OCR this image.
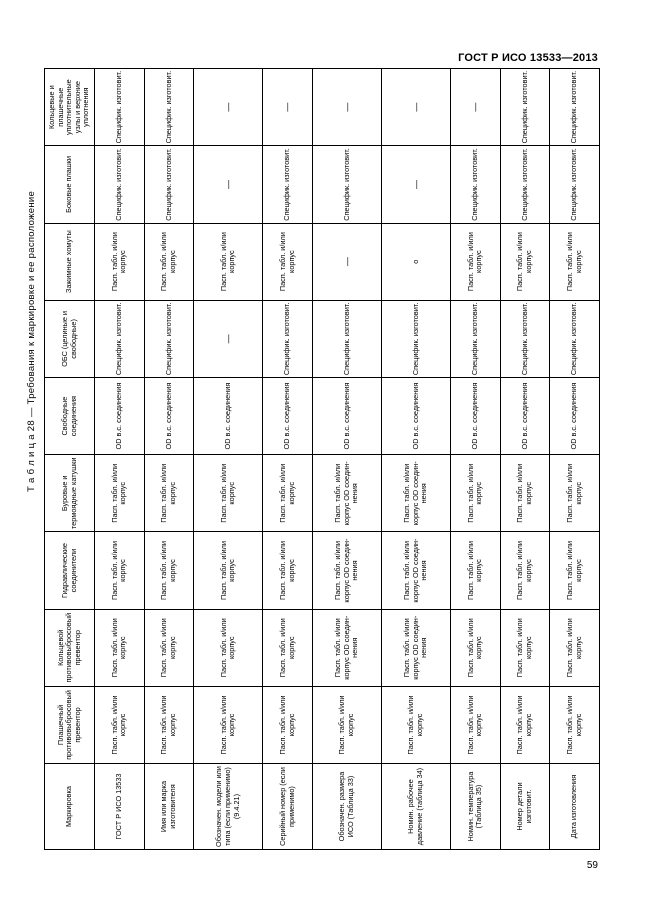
ГОСТ Р ИСО 13533—2013
Т а б л и ц а 28 — Требования к маркировке и ее расположение
Маркировка	Плашечный противовыбросовый превентор	Кольцевой противовыбросовый превентор	Гидравлические соединители	Буровые и термоядные катушки	Свободные соединения	ОБС (целиные и свободные)	Зажимные хомуты	Боковые плашки	Кольцевые и плашечные уплотнительные узлы и верхние уплотнения
ГОСТ Р ИСО 13533	Пасп. табл. и/или корпус	Пасп. табл. и/или корпус	Пасп. табл. и/или корпус	Пасп. табл. и/или корпус	ОD в.с. соединения	Специфик. изготовит.	Пасп. табл. и/или корпус	Специфик. изготовит.	Специфик. изготовит.
Имя или марка изготовителя	Пасп. табл. и/или корпус	Пасп. табл. и/или корпус	Пасп. табл. и/или корпус	Пасп. табл. и/или корпус	ОD в.с. соединения	Специфик. изготовит.	Пасп. табл. и/или корпус	Специфик. изготовит.	Специфик. изготовит.
Обозначен. модели или типа (если применимо) (9.4.21)	Пасп. табл. и/или корпус	Пасп. табл. и/или корпус	Пасп. табл. и/или корпус	Пасп. табл. и/или корпус	ОD в.с. соединения	—	Пасп. табл. и/или корпус	—	—
Серийный номер (если применимо)	Пасп. табл. и/или корпус	Пасп. табл. и/или корпус	Пасп. табл. и/или корпус	Пасп. табл. и/или корпус	ОD в.с. соединения	Специфик. изготовит.	Пасп. табл. и/или корпус	Специфик. изготовит.	—
Обозначен. размера ИСО (Таблица 33)	Пасп. табл. и/или корпус	Пасп. табл. и/или корпус ОD соедин-нения	Пасп. табл. и/или корпус ОD соедин-нения	Пасп. табл. и/или корпус ОD соедин-нения	ОD в.с. соединения	Специфик. изготовит.	—	Специфик. изготовит.	—
Номин. рабочее давление (таблица 34)	Пасп. табл. и/или корпус	Пасп. табл. и/или корпус ОD соедин-нения	Пасп. табл. и/или корпус ОD соедин-нения	Пасп. табл. и/или корпус ОD соедин-нения	ОD в.с. соединения	Специфик. изготовит.	о	—	—
Номин. температура (Таблица 35)	Пасп. табл. и/или корпус	Пасп. табл. и/или корпус	Пасп. табл. и/или корпус	Пасп. табл. и/или корпус	ОD в.с. соединения	Специфик. изготовит.	Пасп. табл. и/или корпус	Специфик. изготовит.	—
Номер детали изготовит.	Пасп. табл. и/или корпус	Пасп. табл. и/или корпус	Пасп. табл. и/или корпус	Пасп. табл. и/или корпус	ОD в.с. соединения	Специфик. изготовит.	Пасп. табл. и/или корпус	Специфик. изготовит.	Специфик. изготовит.
Дата изготовления	Пасп. табл. и/или корпус	Пасп. табл. и/или корпус	Пасп. табл. и/или корпус	Пасп. табл. и/или корпус	ОD в.с. соединения	Специфик. изготовит.	Пасп. табл. и/или корпус	Специфик. изготовит.	Специфик. изготовит.
59
